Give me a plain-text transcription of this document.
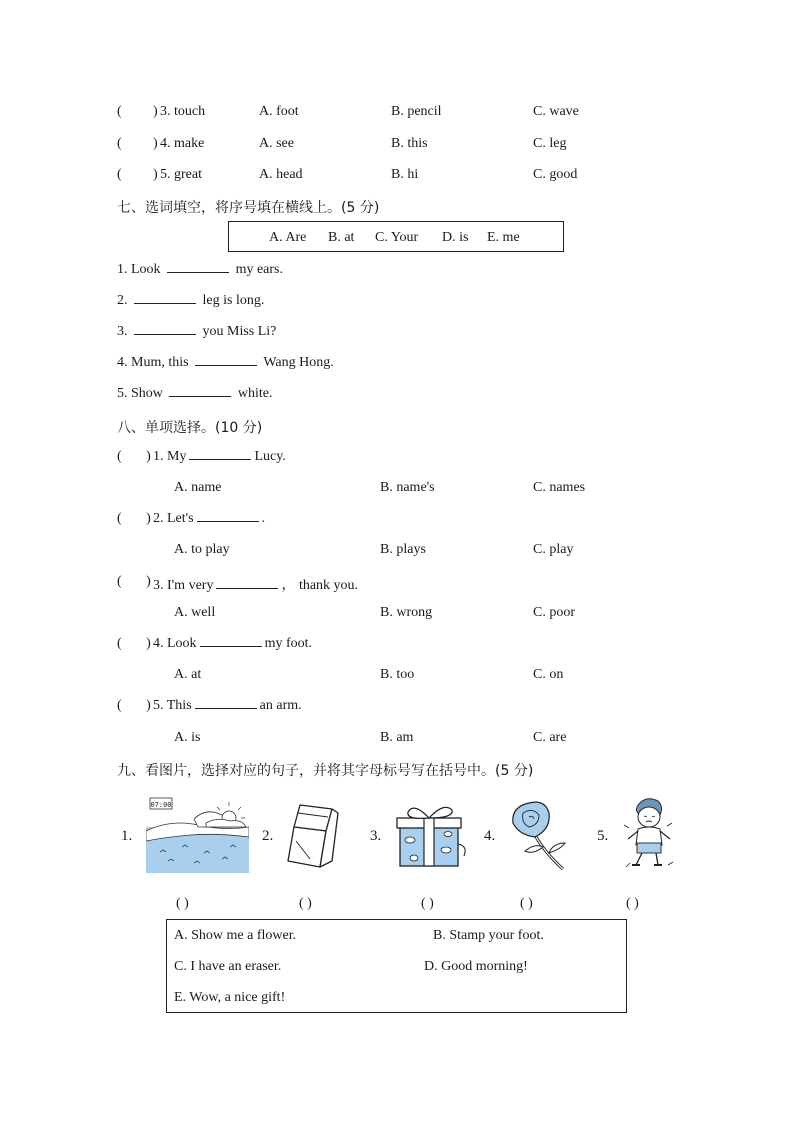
( ) 3. touch	A. foot	B. pencil	C. wave
( ) 4. make	A. see	B. this	C. leg
( ) 5. great	A. head	B. hi	C. good
七、选词填空，将序号填在横线上。(5 分)
A. Are B. at C. Your D. is E. me
1. Look	my ears.
2.	leg is long.
3.	you Miss Li?
4. Mum, this	Wang Hong.
5. Show	white.
八、单项选择。(10 分)
(       ) 1. My	Lucy.
A. name	B. name's	C. names
(       ) 2. Let's	.
A. to play	B. plays	C. play
(       ) 3. I'm very	， thank you.
A. well	B. wrong	C. poor
(       ) 4. Look	my foot.
A. at	B. too	C. on
(       ) 5. This	an arm.
A. is	B. am	C. are
九、看图片，选择对应的句子，并将其字母标号写在括号中。(5 分)
1.
07:00
2.	3.	4.	5.
( )	( )	( )	( )	( )
A. Show me a flower.	B. Stamp your foot.
C. I have an eraser.	D. Good morning!
E. Wow, a nice gift!
